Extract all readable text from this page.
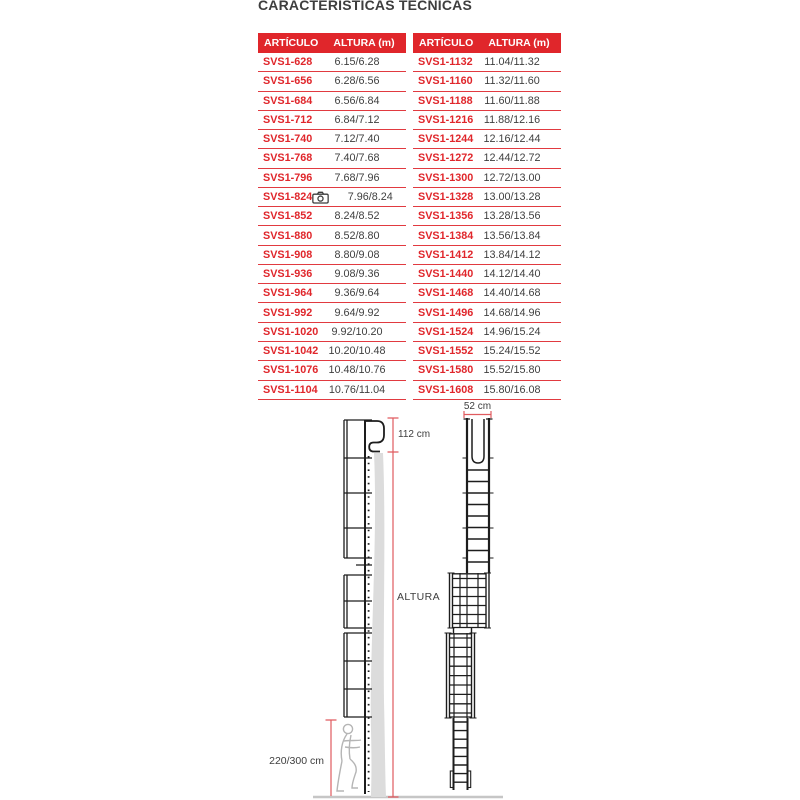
CARACTERISTICAS TECNICAS
ARTÍCULO	ALTURA (m)
SVS1-628	6.15/6.28
SVS1-656	6.28/6.56
SVS1-684	6.56/6.84
SVS1-712	6.84/7.12
SVS1-740	7.12/7.40
SVS1-768	7.40/7.68
SVS1-796	7.68/7.96
SVS1-824	7.96/8.24
SVS1-852	8.24/8.52
SVS1-880	8.52/8.80
SVS1-908	8.80/9.08
SVS1-936	9.08/9.36
SVS1-964	9.36/9.64
SVS1-992	9.64/9.92
SVS1-1020	9.92/10.20
SVS1-1042 10.20/10.48
SVS1-1076 10.48/10.76
SVS1-1104	10.76/11.04
ARTÍCULO	ALTURA (m)
SVS1-1132	11.04/11.32
SVS1-1160	11.32/11.60
SVS1-1188	11.60/11.88
SVS1-1216 11.88/12.16
SVS1-1244 12.16/12.44
SVS1-1272 12.44/12.72
SVS1-1300 12.72/13.00
SVS1-1328 13.00/13.28
SVS1-1356 13.28/13.56
SVS1-1384 13.56/13.84
SVS1-1412 13.84/14.12
SVS1-1440 14.12/14.40
SVS1-1468 14.40/14.68
SVS1-1496 14.68/14.96
SVS1-1524 14.96/15.24
SVS1-1552 15.24/15.52
SVS1-1580 15.52/15.80
SVS1-1608 15.80/16.08
112 cm
ALTURA
220/300 cm
52 cm
